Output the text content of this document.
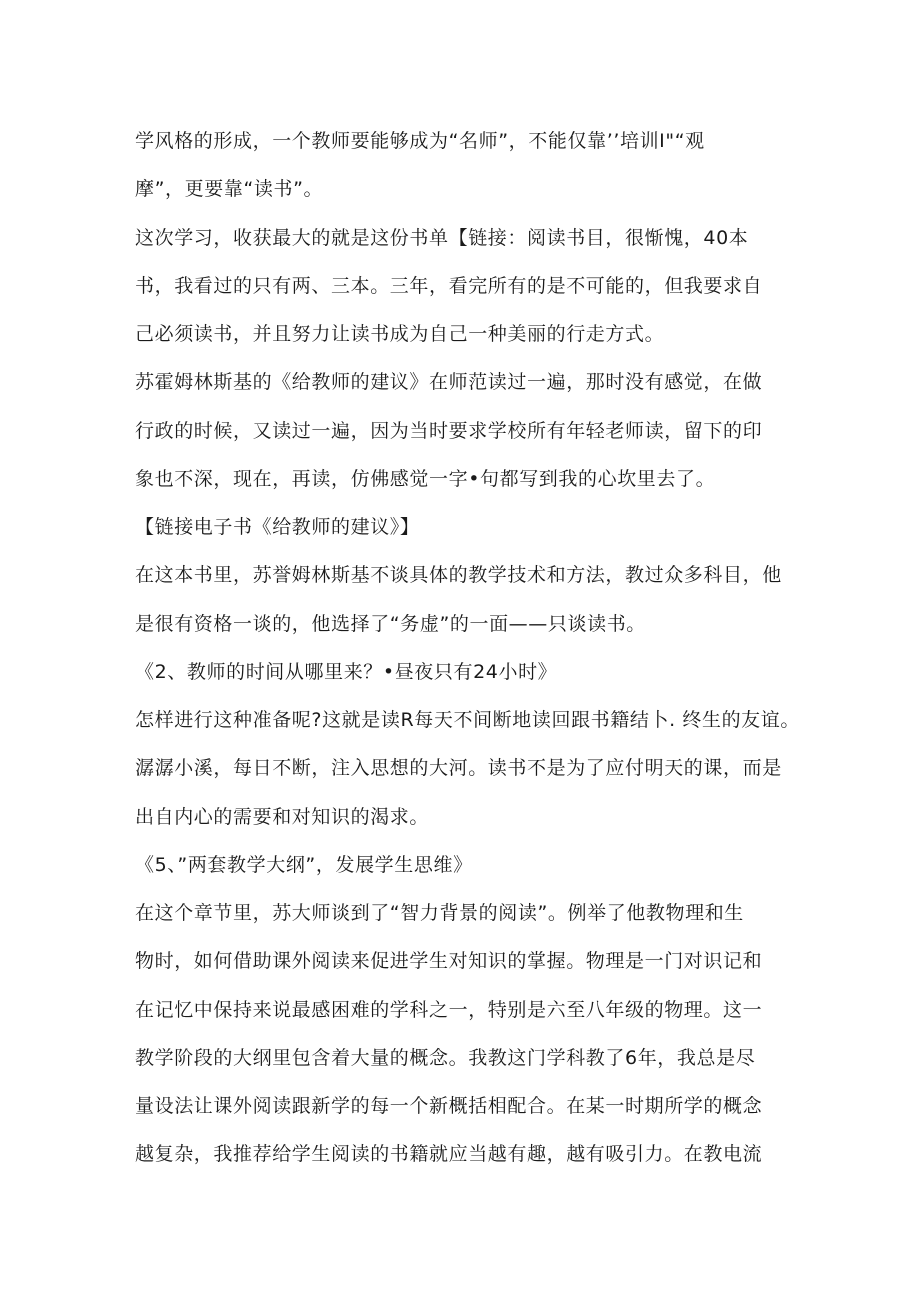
学风格的形成，一个教师要能够成为“名师”，不能仅靠’’培训I"“观
摩”，更要靠“读书”。
这次学习，收获最大的就是这份书单【链接：阅读书目，很惭愧，40本
书，我看过的只有两、三本。三年，看完所有的是不可能的，但我要求自
己必须读书，并且努力让读书成为自己一种美丽的行走方式。
苏霍姆林斯基的《给教师的建议》在师范读过一遍，那时没有感觉，在做
行政的时候，又读过一遍，因为当时要求学校所有年轻老师读，留下的印
象也不深，现在，再读，仿佛感觉一字•句都写到我的心坎里去了。
【链接电子书《给教师的建议》】
在这本书里，苏誉姆林斯基不谈具体的教学技术和方法，教过众多科目，他
是很有资格一谈的，他选择了“务虚”的一面——只谈读书。
《2、教师的时间从哪里来？•昼夜只有24小时》
怎样进行这种准备呢?这就是读R每天不间断地读回跟书籍结卜. 终生的友谊。
潺潺小溪，每日不断，注入思想的大河。读书不是为了应付明天的课，而是
出自内心的需要和对知识的渴求。
《5、”两套教学大纲”，发展学生思维》
在这个章节里，苏大师谈到了“智力背景的阅读”。例举了他教物理和生
物时，如何借助课外阅读来促进学生对知识的掌握。物理是一门对识记和
在记忆中保持来说最感困难的学科之一，特别是六至八年级的物理。这一
教学阶段的大纲里包含着大量的概念。我教这门学科教了6年，我总是尽
量设法让课外阅读跟新学的每一个新概括相配合。在某一时期所学的概念
越复杂，我推荐给学生阅读的书籍就应当越有趣，越有吸引力。在教电流
